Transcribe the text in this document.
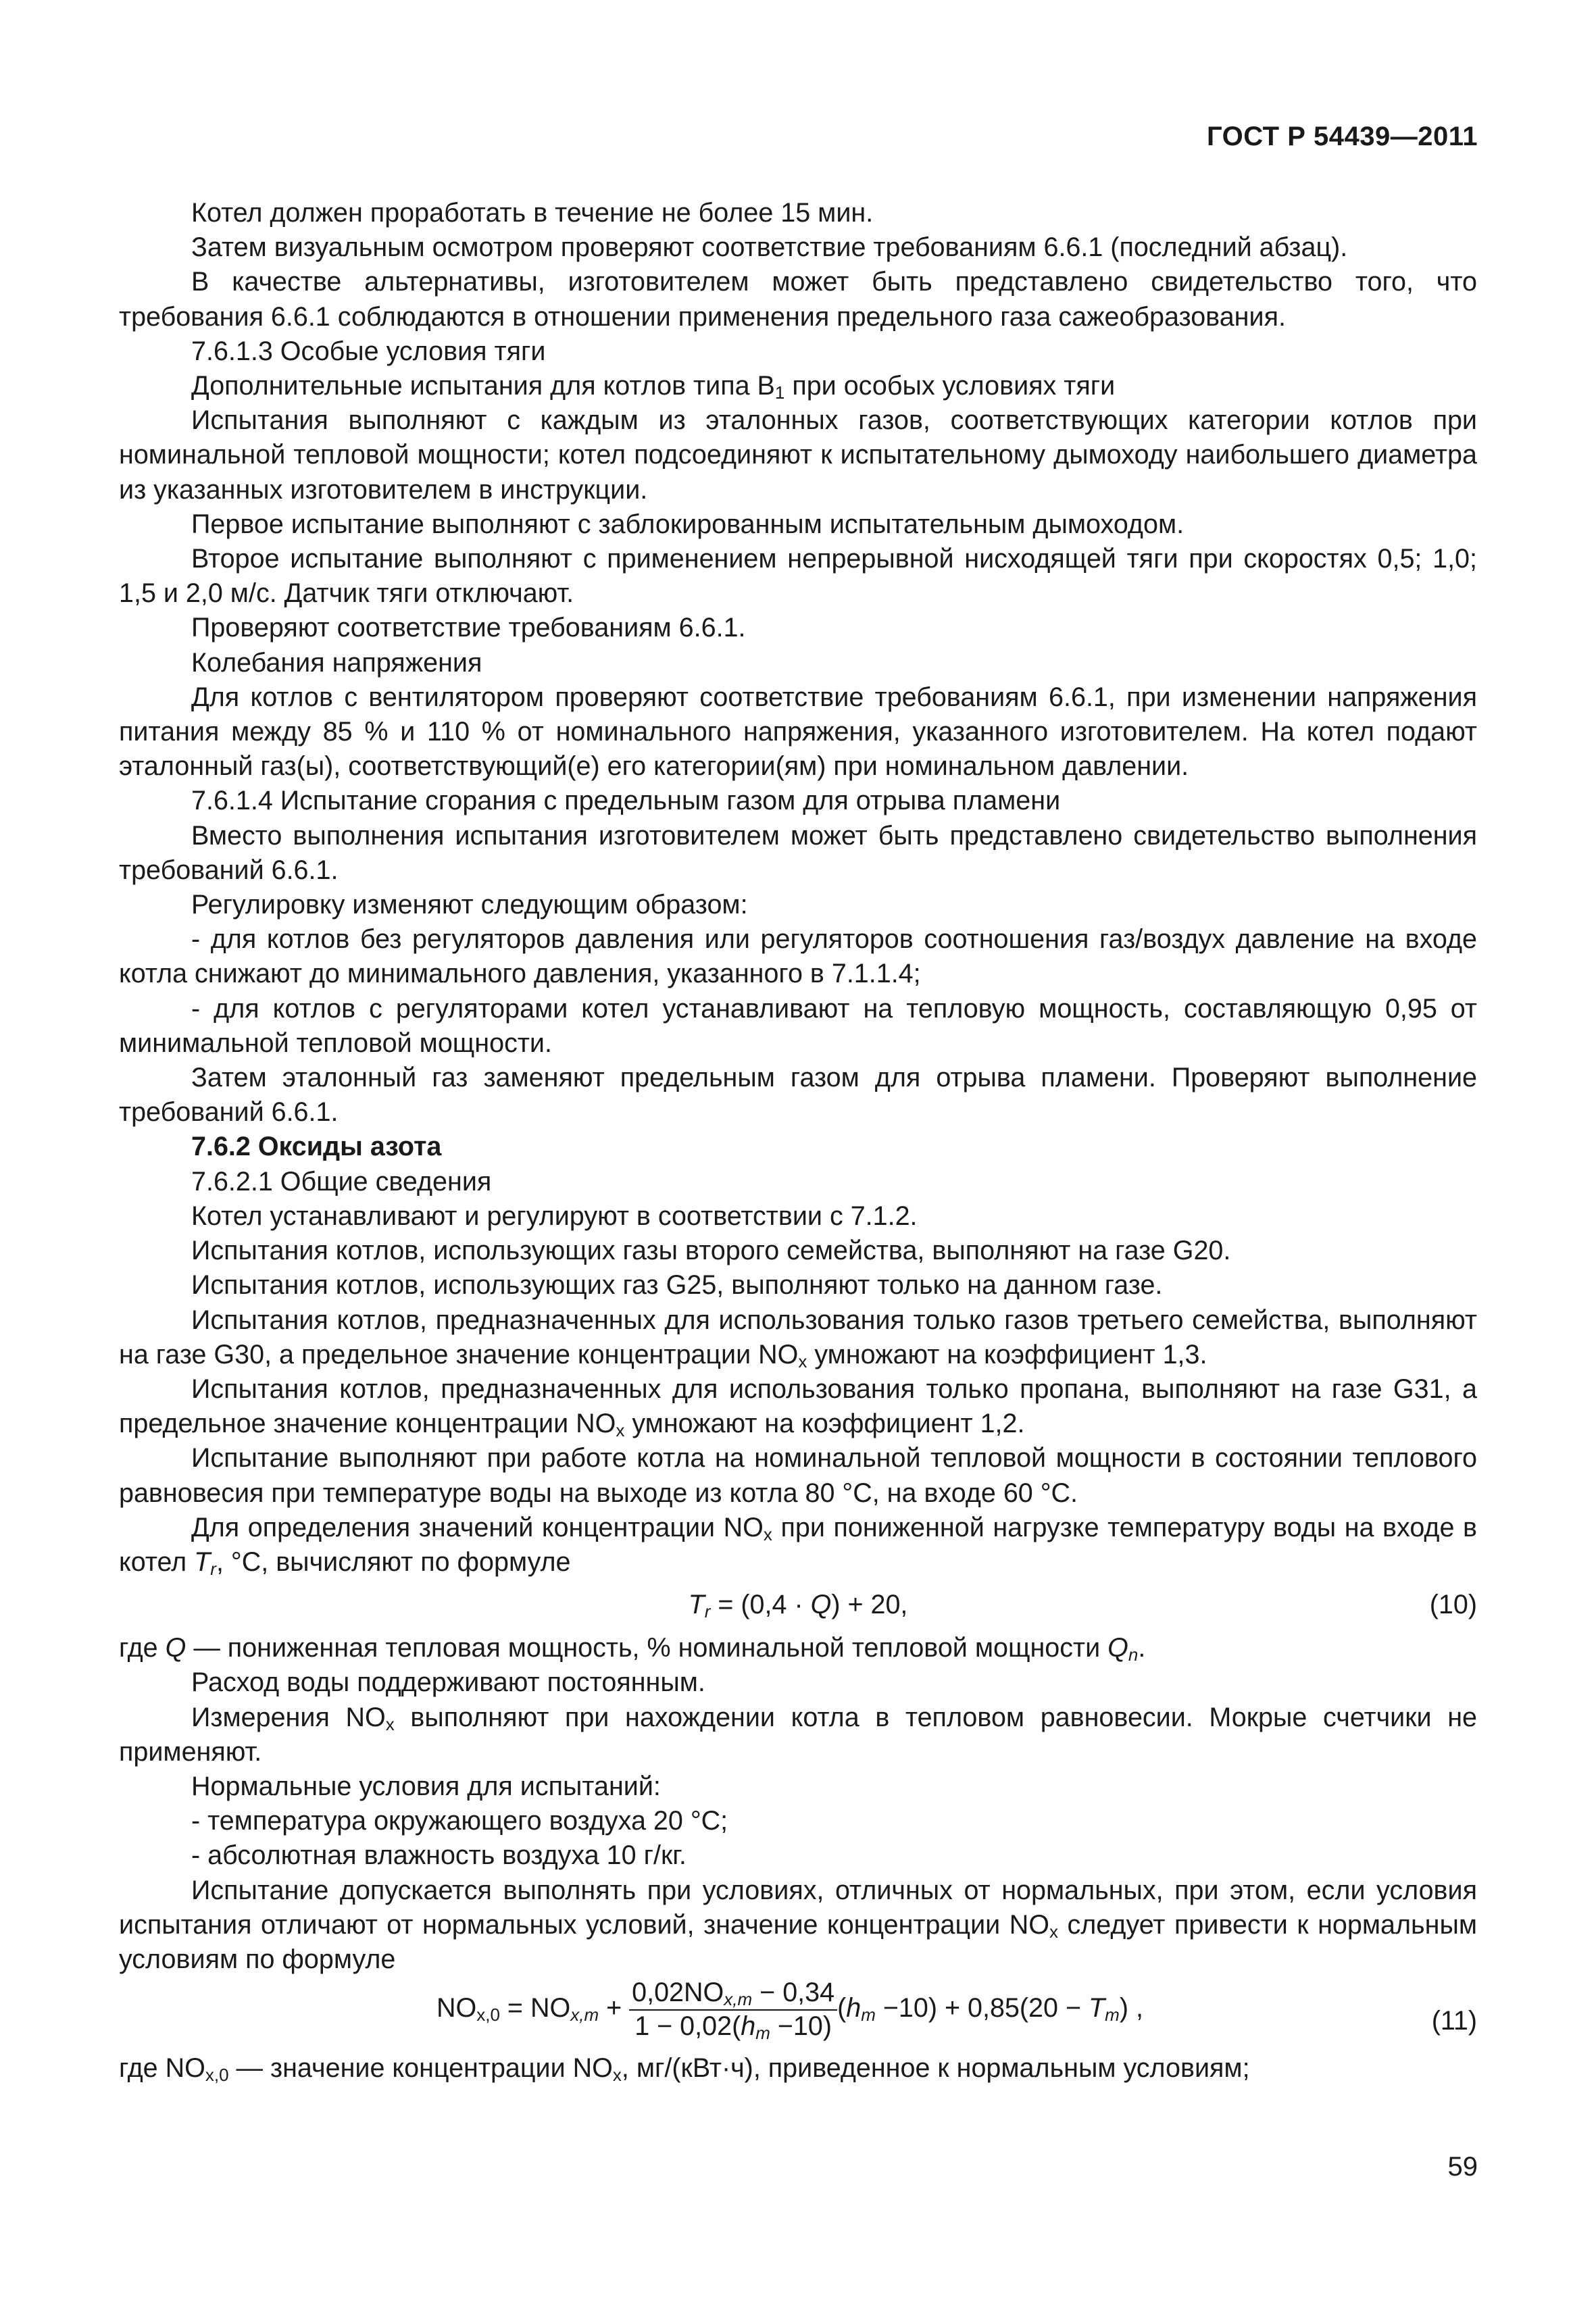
ГОСТ Р 54439—2011

Котел должен проработать в течение не более 15 мин.

Затем визуальным осмотром проверяют соответствие требованиям 6.6.1 (последний абзац).

В качестве альтернативы, изготовителем может быть представлено свидетельство того, что требования 6.6.1 соблюдаются в отношении применения предельного газа сажеобразования.

7.6.1.3 Особые условия тяги

Дополнительные испытания для котлов типа $В_1$ при особых условиях тяги

Испытания выполняют с каждым из эталонных газов, соответствующих категории котлов при номинальной тепловой мощности; котел подсоединяют к испытательному дымоходу наибольшего диаметра из указанных изготовителем в инструкции.

Первое испытание выполняют с заблокированным испытательным дымоходом.

Второе испытание выполняют с применением непрерывной нисходящей тяги при скоростях 0,5; 1,0; 1,5 и 2,0 м/с. Датчик тяги отключают.

Проверяют соответствие требованиям 6.6.1.

Колебания напряжения

Для котлов с вентилятором проверяют соответствие требованиям 6.6.1, при изменении напряжения питания между 85 % и 110 % от номинального напряжения, указанного изготовителем. На котел подают эталонный газ(ы), соответствующий(е) его категории(ям) при номинальном давлении.

7.6.1.4 Испытание сгорания с предельным газом для отрыва пламени

Вместо выполнения испытания изготовителем может быть представлено свидетельство выполнения требований 6.6.1.

Регулировку изменяют следующим образом:

- для котлов без регуляторов давления или регуляторов соотношения газ/воздух давление на входе котла снижают до минимального давления, указанного в 7.1.1.4;

- для котлов с регуляторами котел устанавливают на тепловую мощность, составляющую 0,95 от минимальной тепловой мощности.

Затем эталонный газ заменяют предельным газом для отрыва пламени. Проверяют выполнение требований 6.6.1.

7.6.2 Оксиды азота

7.6.2.1 Общие сведения

Котел устанавливают и регулируют в соответствии с 7.1.2.

Испытания котлов, использующих газы второго семейства, выполняют на газе G20.

Испытания котлов, использующих газ G25, выполняют только на данном газе.

Испытания котлов, предназначенных для использования только газов третьего семейства, выполняют на газе G30, а предельное значение концентрации $NO_x$ умножают на коэффициент 1,3.

Испытания котлов, предназначенных для использования только пропана, выполняют на газе G31, а предельное значение концентрации $NO_x$ умножают на коэффициент 1,2.

Испытание выполняют при работе котла на номинальной тепловой мощности в состоянии теплового равновесия при температуре воды на выходе из котла 80 °С, на входе 60 °С.

Для определения значений концентрации $NO_x$ при пониженной нагрузке температуру воды на входе в котел $T_r$, °С, вычисляют по формуле

$T_r = (0,4 \cdot Q) + 20$,	(10)

где Q — пониженная тепловая мощность, % номинальной тепловой мощности $Q_n$.

Расход воды поддерживают постоянным.

Измерения $NO_x$ выполняют при нахождении котла в тепловом равновесии. Мокрые счетчики не применяют.

Нормальные условия для испытаний:

- температура окружающего воздуха 20 °С;

- абсолютная влажность воздуха 10 г/кг.

Испытание допускается выполнять при условиях, отличных от нормальных, при этом, если условия испытания отличают от нормальных условий, значение концентрации $NO_x$ следует привести к нормальным условиям по формуле

$NO_{x,0} = NO_{x,m} + \frac{0,02NO_{x,m} - 0,34}{1 - 0,02(h_m -10)} (h_m -10) + 0,85(20 - T_m)$ ,	(11)

где $NO_{x,0}$ — значение концентрации $NO_x$, мг/(кВт·ч), приведенное к нормальным условиям;

59
